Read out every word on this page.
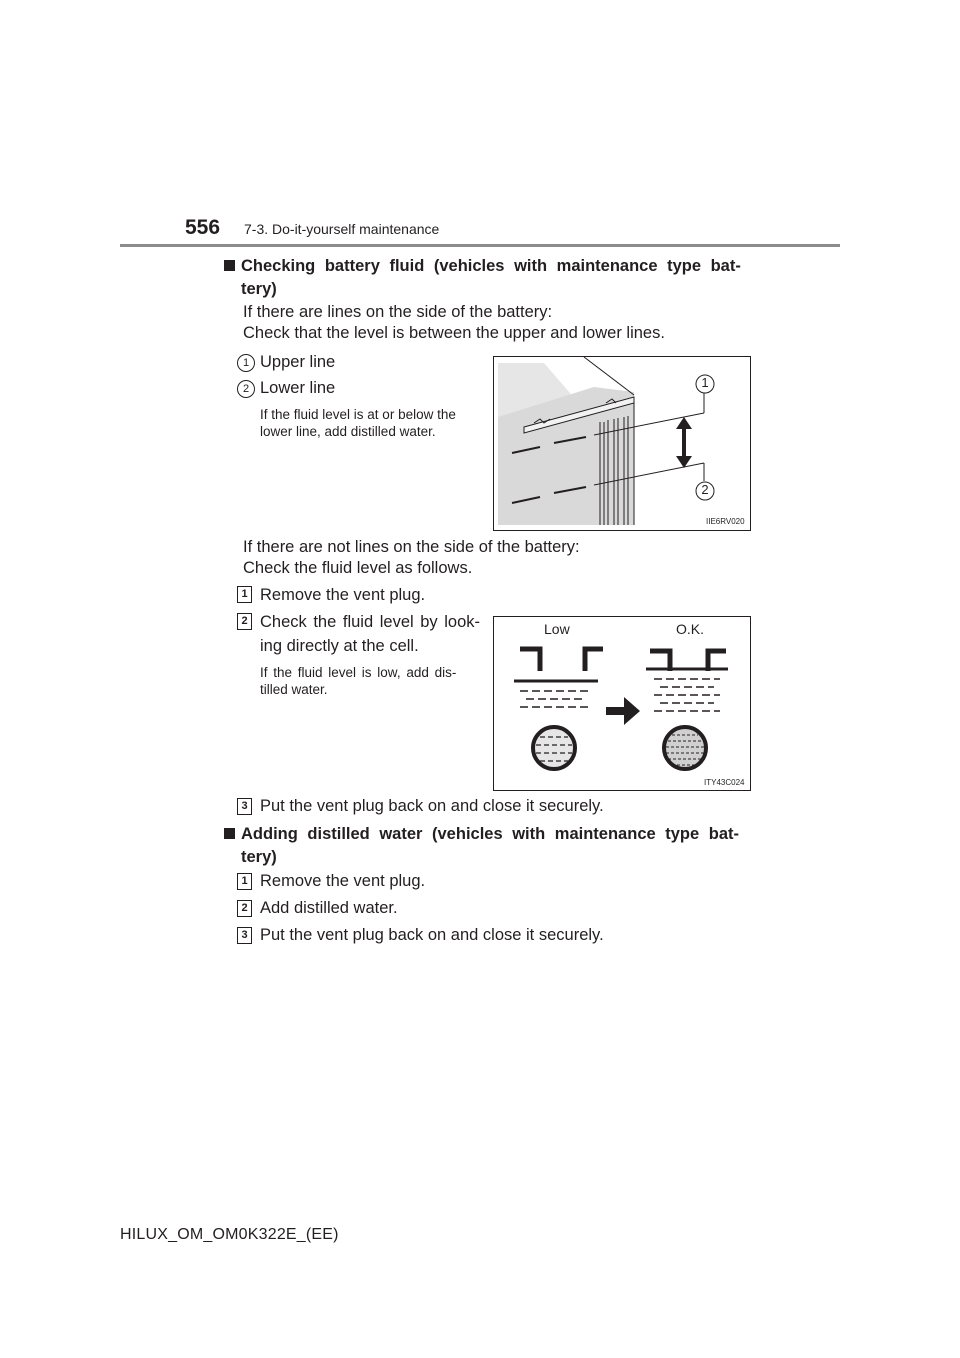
556 7-3. Do-it-yourself maintenance
Checking battery fluid (vehicles with maintenance type bat-
tery)
If there are lines on the side of the battery:
Check that the level is between the upper and lower lines.
1 Upper line
2 Lower line
If the fluid level is at or below the
lower line, add distilled water.
1
2
IIE6RV020
If there are not lines on the side of the battery:
Check the fluid level as follows.
1 Remove the vent plug.
2 Check the fluid level by look-
ing directly at the cell.
If the fluid level is low, add dis-
tilled water.
Low	O.K.
ITY43C024
3 Put the vent plug back on and close it securely.
Adding distilled water (vehicles with maintenance type bat-
tery)
1 Remove the vent plug.
2 Add distilled water.
3 Put the vent plug back on and close it securely.
HILUX_OM_OM0K322E_(EE)
